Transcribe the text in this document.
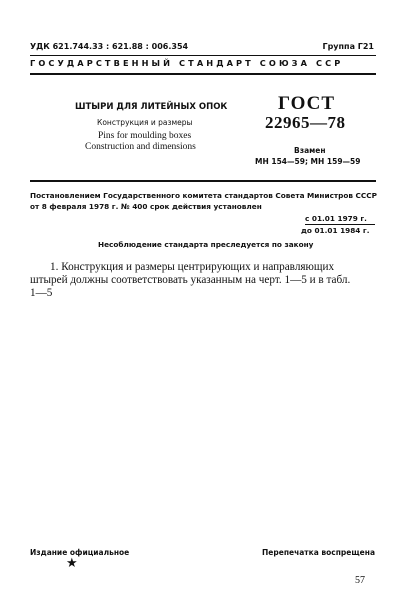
УДК 621.744.33 : 621.88 : 006.354	Группа Г21
ГОСУДАРСТВЕННЫЙ СТАНДАРТ СОЮЗА ССР
ШТЫРИ ДЛЯ ЛИТЕЙНЫХ ОПОК
Конструкция и размеры
Pins for moulding boxes
Construction and dimensions
ГОСТ
22965—78
Взамен
МН 154—59; МН 159—59
Постановлением Государственного комитета стандартов Совета Министров СССР
от 8 февраля 1978 г. № 400 срок действия установлен
с 01.01 1979 г.
до 01.01 1984 г.
Несоблюдение стандарта преследуется по закону
1. Конструкция и размеры центрирующих и направляющих
штырей должны соответствовать указанным на черт. 1—5 и в табл.
1—5
Издание официальное	Перепечатка воспрещена
★
57
